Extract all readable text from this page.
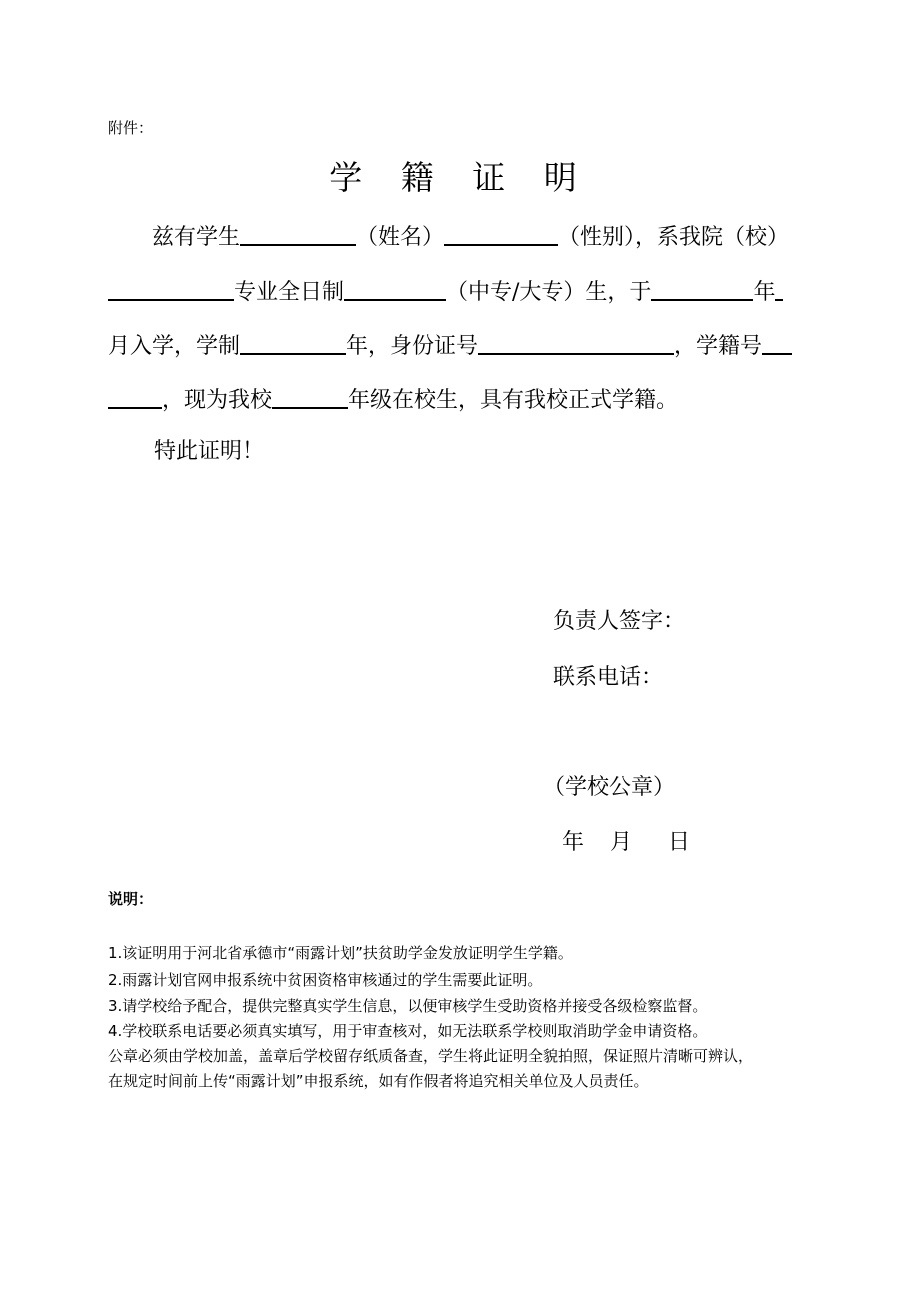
附件：
学 籍 证 明
兹有学生	（姓名）	（性别），系我院（校）
专业全日制	（中专/大专）生，于	年
月入学，学制	年，身份证号	，学籍号
，现为我校	年级在校生，具有我校正式学籍。
特此证明！
负责人签字：
联系电话：
（学校公章）
年 月 日
说明：
1.该证明用于河北省承德市“雨露计划”扶贫助学金发放证明学生学籍。
2.雨露计划官网申报系统中贫困资格审核通过的学生需要此证明。
3.请学校给予配合，提供完整真实学生信息，以便审核学生受助资格并接受各级检察监督。
4.学校联系电话要必须真实填写，用于审查核对，如无法联系学校则取消助学金申请资格。
公章必须由学校加盖，盖章后学校留存纸质备查，学生将此证明全貌拍照，保证照片清晰可辨认，
在规定时间前上传“雨露计划”申报系统，如有作假者将追究相关单位及人员责任。
